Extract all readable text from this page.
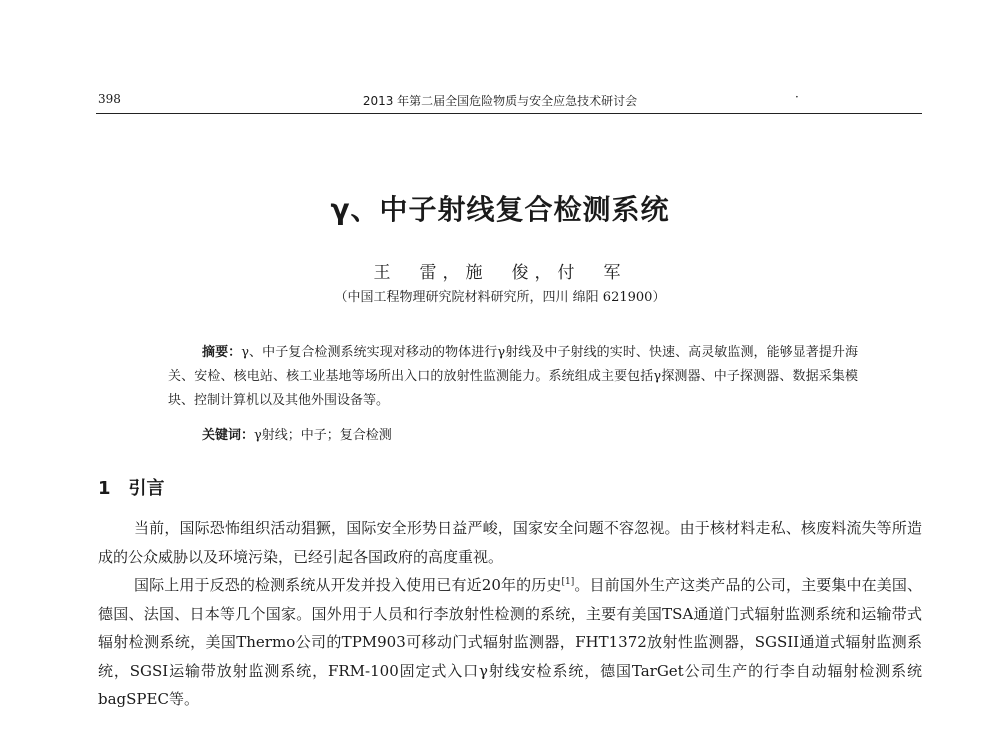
398	2013 年第二届全国危险物质与安全应急技术研讨会	·
γ、中子射线复合检测系统
王　雷，施　俊，付　军
（中国工程物理研究院材料研究所，四川 绵阳 621900）

摘要：γ、中子复合检测系统实现对移动的物体进行γ射线及中子射线的实时、快速、高灵敏监测，能够显著提升海关、安检、核电站、核工业基地等场所出入口的放射性监测能力。系统组成主要包括γ探测器、中子探测器、数据采集模块、控制计算机以及其他外围设备等。

关键词：γ射线；中子；复合检测
1 引言

当前，国际恐怖组织活动猖獗，国际安全形势日益严峻，国家安全问题不容忽视。由于核材料走私、核废料流失等所造成的公众威胁以及环境污染，已经引起各国政府的高度重视。

国际上用于反恐的检测系统从开发并投入使用已有近20年的历史[1]。目前国外生产这类产品的公司，主要集中在美国、德国、法国、日本等几个国家。国外用于人员和行李放射性检测的系统，主要有美国TSA通道门式辐射监测系统和运输带式辐射检测系统，美国Thermo公司的TPM903可移动门式辐射监测器，FHT1372放射性监测器，SGSII通道式辐射监测系统，SGSI运输带放射监测系统，FRM-100固定式入口γ射线安检系统，德国TarGet公司生产的行李自动辐射检测系统bagSPEC等。
